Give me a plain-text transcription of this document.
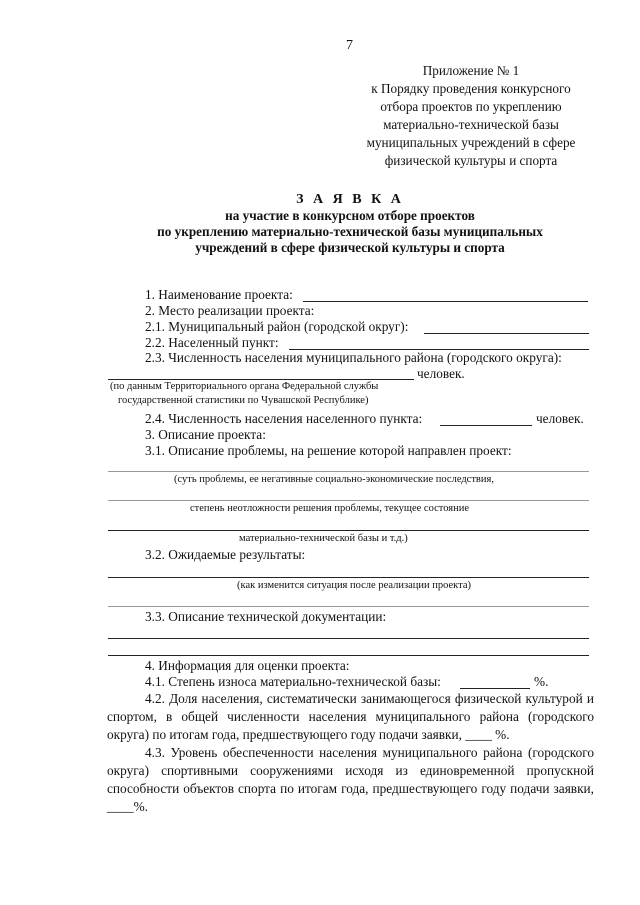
7
Приложение № 1
к Порядку проведения конкурсного
отбора проектов по укреплению
материально-технической базы
муниципальных учреждений в сфере
физической культуры и спорта
З А Я В К А
на участие в конкурсном отборе проектов
по укреплению материально-технической базы муниципальных
учреждений в сфере физической культуры и спорта
1. Наименование проекта:
2. Место реализации проекта:
2.1. Муниципальный район (городской округ):
2.2. Населенный пункт:
2.3. Численность населения муниципального района (городского округа):
человек.
(по данным Территориального органа Федеральной службы
государственной статистики по Чувашской Республике)
2.4. Численность населения населенного пункта:	человек.
3. Описание проекта:
3.1. Описание проблемы, на решение которой направлен проект:
(суть проблемы, ее негативные социально-экономические последствия,
степень неотложности решения проблемы, текущее состояние
материально-технической базы и т.д.)
3.2. Ожидаемые результаты:
(как изменится ситуация после реализации проекта)
3.3. Описание технической документации:
4. Информация для оценки проекта:
4.1. Степень износа материально-технической базы:	%.
4.2. Доля населения, систематически занимающегося физической культурой и спортом, в общей численности населения муниципального района (городского округа) по итогам года, предшествующего году подачи заявки, ____ %.
4.3. Уровень обеспеченности населения муниципального района (городского округа) спортивными сооружениями исходя из единовременной пропускной способности объектов спорта по итогам года, предшествующего году подачи заявки, ____%.
